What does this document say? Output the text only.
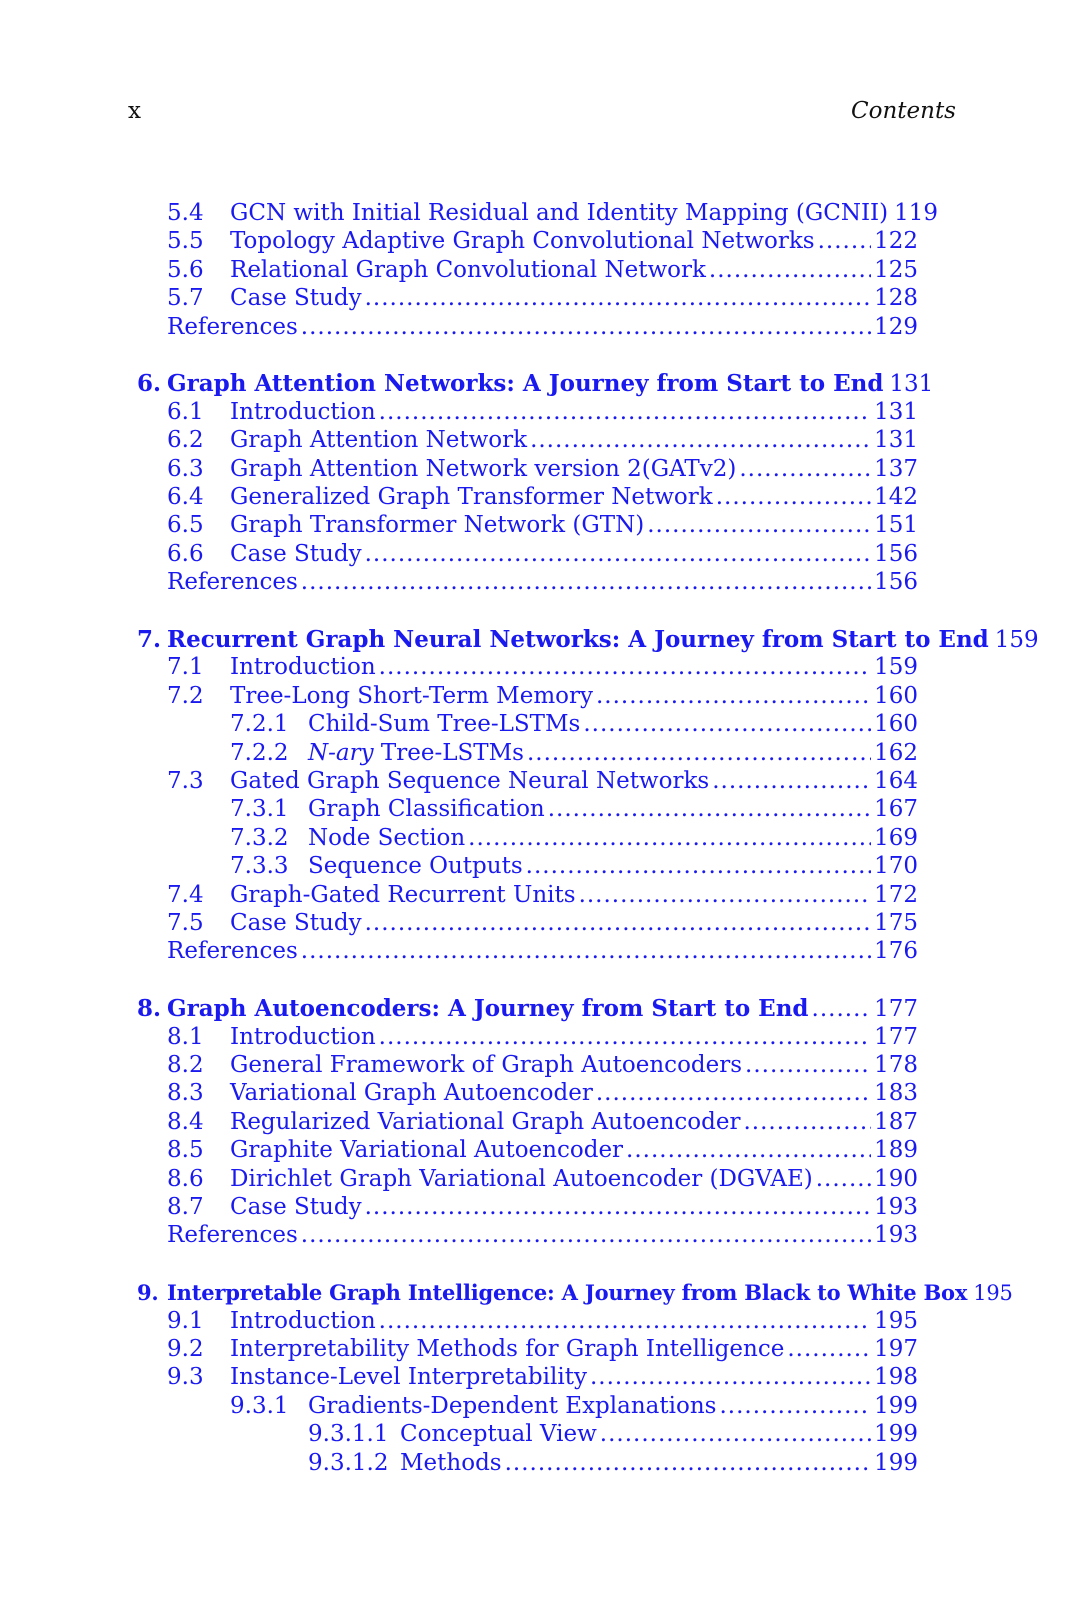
x	Contents
5.4 GCN with Initial Residual and Identity Mapping (GCNII) 119
5.5 Topology Adaptive Graph Convolutional Networks .....	122
5.6 Relational Graph Convolutional Network .....	125
5.7 Case Study .....	128
References .....	129
6. Graph Attention Networks: A Journey from Start to End 131
6.1 Introduction .....	131
6.2 Graph Attention Network .....	131
6.3 Graph Attention Network version 2(GATv2) .....	137
6.4 Generalized Graph Transformer Network .....	142
6.5 Graph Transformer Network (GTN) .....	151
6.6 Case Study .....	156
References .....	156
7. Recurrent Graph Neural Networks: A Journey from Start to End 159
7.1 Introduction .....	159
7.2 Tree-Long Short-Term Memory .....	160
7.2.1 Child-Sum Tree-LSTMs .....	160
7.2.2 N-ary Tree-LSTMs .....	162
7.3 Gated Graph Sequence Neural Networks .....	164
7.3.1 Graph Classification .....	167
7.3.2 Node Section .....	169
7.3.3 Sequence Outputs .....	170
7.4 Graph-Gated Recurrent Units .....	172
7.5 Case Study .....	175
References .....	176
8. Graph Autoencoders: A Journey from Start to End .....	177
8.1 Introduction .....	177
8.2 General Framework of Graph Autoencoders .....	178
8.3 Variational Graph Autoencoder .....	183
8.4 Regularized Variational Graph Autoencoder .....	187
8.5 Graphite Variational Autoencoder .....	189
8.6 Dirichlet Graph Variational Autoencoder (DGVAE) .....	190
8.7 Case Study .....	193
References .....	193
9. Interpretable Graph Intelligence: A Journey from Black to White Box 195
9.1 Introduction .....	195
9.2 Interpretability Methods for Graph Intelligence .....	197
9.3 Instance-Level Interpretability .....	198
9.3.1 Gradients-Dependent Explanations .....	199
9.3.1.1 Conceptual View .....	199
9.3.1.2 Methods .....	199
